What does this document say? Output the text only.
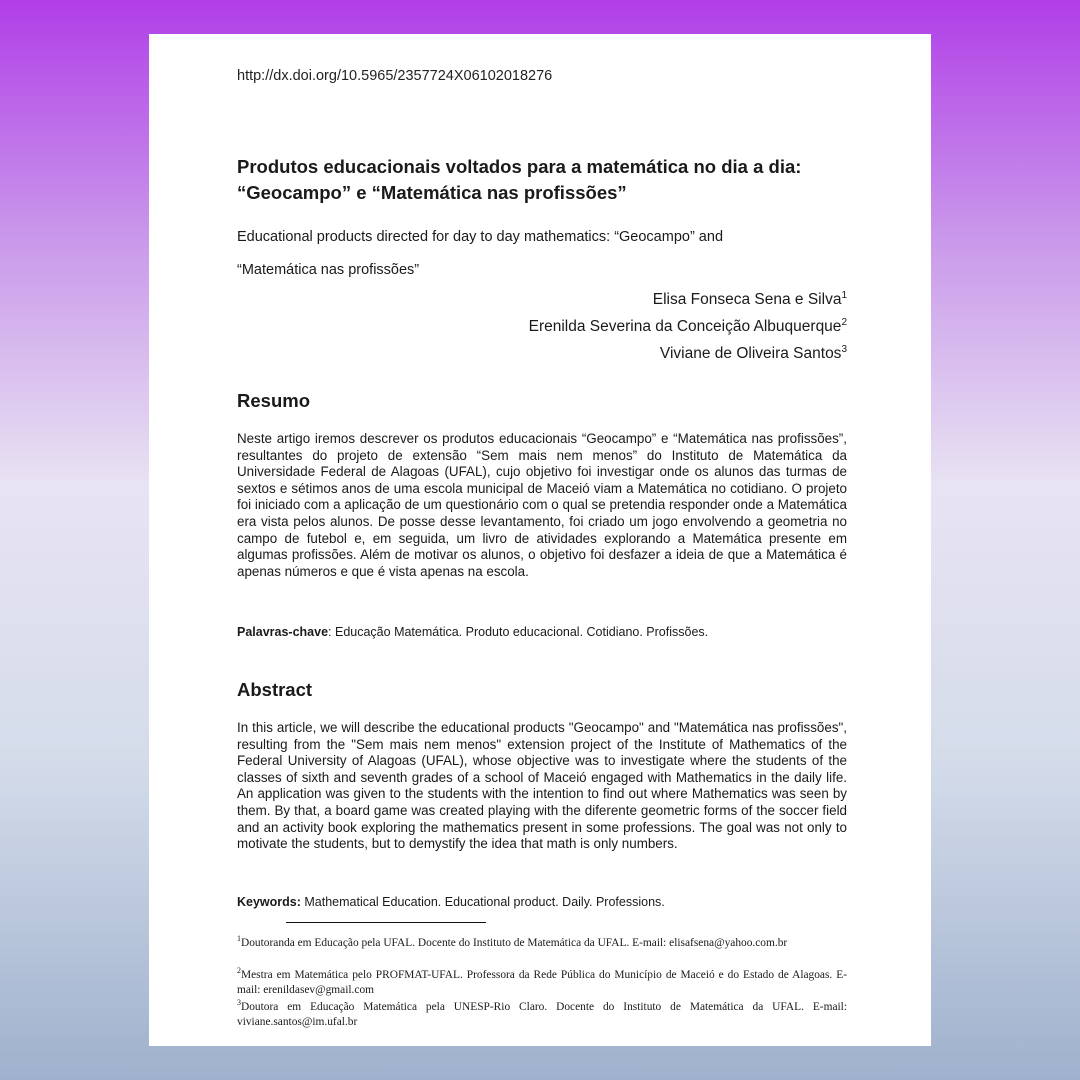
http://dx.doi.org/10.5965/2357724X06102018276
Produtos educacionais voltados para a matemática no dia a dia: “Geocampo” e “Matemática nas profissões”
Educational products directed for day to day mathematics: “Geocampo” and
“Matemática nas profissões”
Elisa Fonseca Sena e Silva$^1$
Erenilda Severina da Conceição Albuquerque$^2$
Viviane de Oliveira Santos$^3$
Resumo
Neste artigo iremos descrever os produtos educacionais “Geocampo” e “Matemática nas profissões”, resultantes do projeto de extensão “Sem mais nem menos” do Instituto de Matemática da Universidade Federal de Alagoas (UFAL), cujo objetivo foi investigar onde os alunos das turmas de sextos e sétimos anos de uma escola municipal de Maceió viam a Matemática no cotidiano. O projeto foi iniciado com a aplicação de um questionário com o qual se pretendia responder onde a Matemática era vista pelos alunos. De posse desse levantamento, foi criado um jogo envolvendo a geometria no campo de futebol e, em seguida, um livro de atividades explorando a Matemática presente em algumas profissões. Além de motivar os alunos, o objetivo foi desfazer a ideia de que a Matemática é apenas números e que é vista apenas na escola.
Palavras-chave: Educação Matemática. Produto educacional. Cotidiano. Profissões.
Abstract
In this article, we will describe the educational products "Geocampo" and "Matemática nas profissões", resulting from the "Sem mais nem menos" extension project of the Institute of Mathematics of the Federal University of Alagoas (UFAL), whose objective was to investigate where the students of the classes of sixth and seventh grades of a school of Maceió engaged with Mathematics in the daily life. An application was given to the students with the intention to find out where Mathematics was seen by them. By that, a board game was created playing with the diferente geometric forms of the soccer field and an activity book exploring the mathematics present in some professions. The goal was not only to motivate the students, but to demystify the idea that math is only numbers.
Keywords: Mathematical Education. Educational product. Daily. Professions.
$^1$Doutoranda em Educação pela UFAL. Docente do Instituto de Matemática da UFAL. E-mail: elisafsena@yahoo.com.br
$^2$Mestra em Matemática pelo PROFMAT-UFAL. Professora da Rede Pública do Município de Maceió e do Estado de Alagoas. E-mail: erenildasev@gmail.com
$^3$Doutora em Educação Matemática pela UNESP-Rio Claro. Docente do Instituto de Matemática da UFAL. E-mail: viviane.santos@im.ufal.br
